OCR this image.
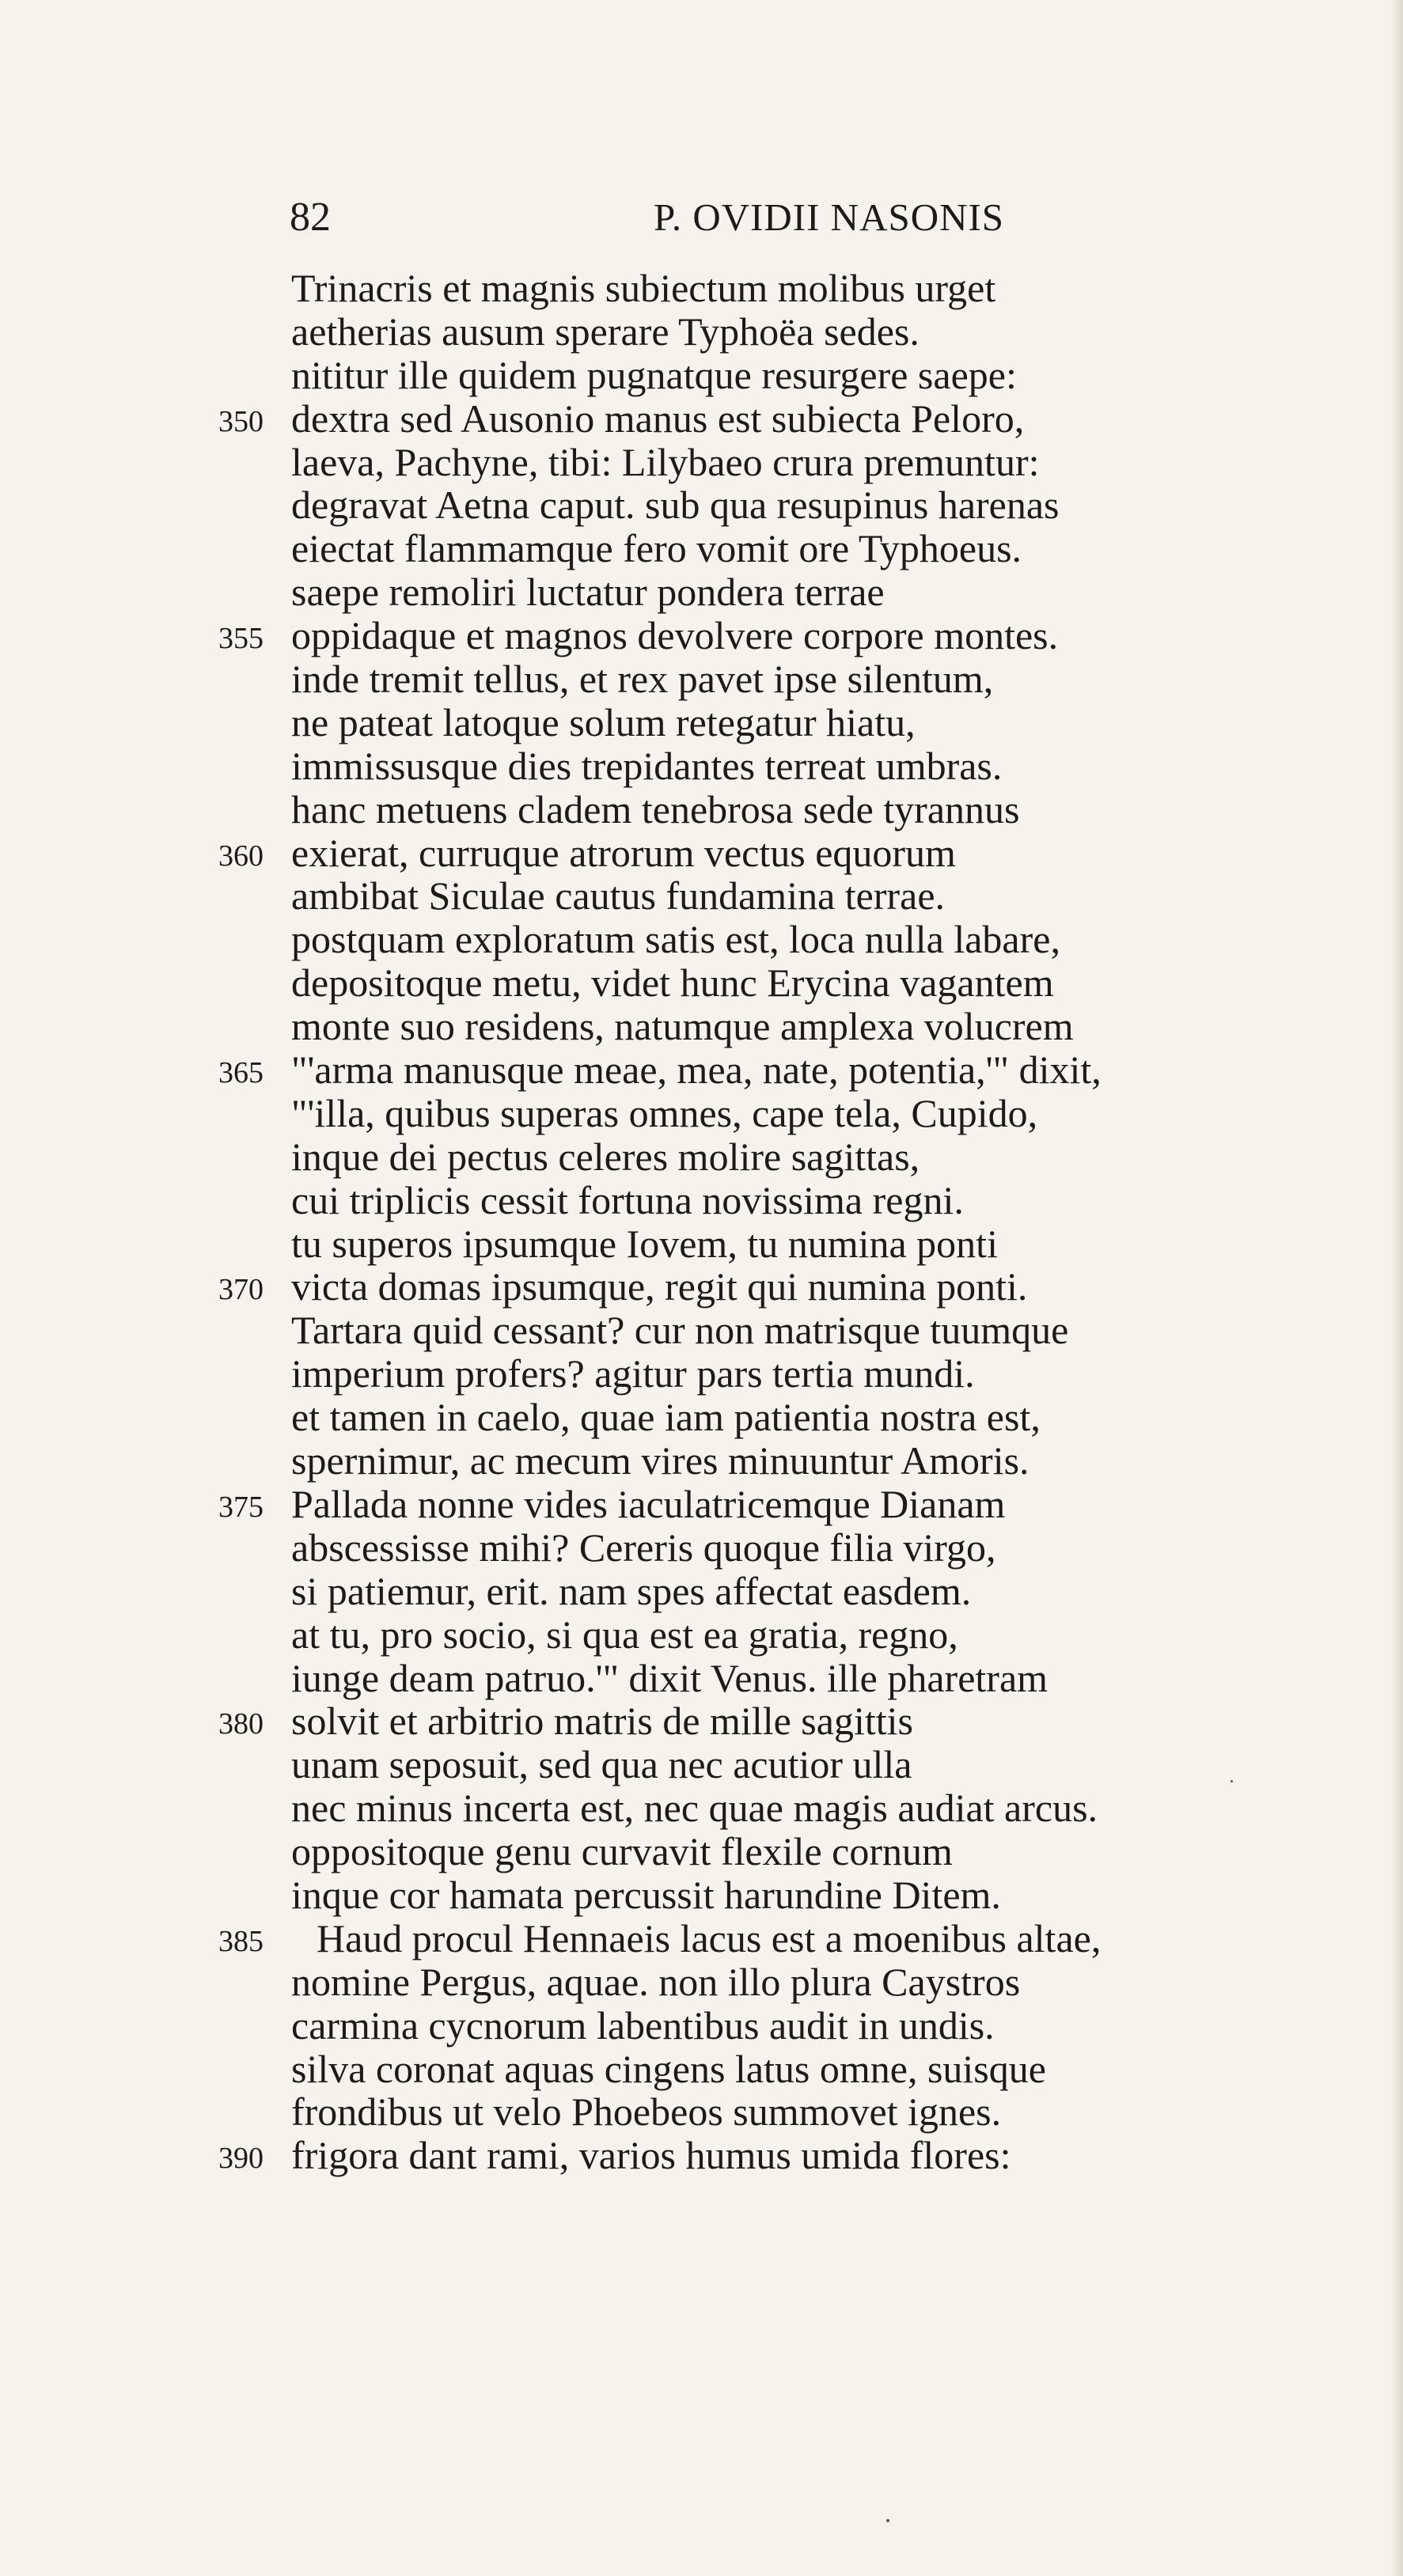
82	P. OVIDII NASONIS
Trinacris et magnis subiectum molibus urget
aetherias ausum sperare Typhoëa sedes.
nititur ille quidem pugnatque resurgere saepe:
350 dextra sed Ausonio manus est subiecta Peloro,
laeva, Pachyne, tibi: Lilybaeo crura premuntur:
degravat Aetna caput. sub qua resupinus harenas
eiectat flammamque fero vomit ore Typhoeus.
saepe remoliri luctatur pondera terrae
355 oppidaque et magnos devolvere corpore montes.
inde tremit tellus, et rex pavet ipse silentum,
ne pateat latoque solum retegatur hiatu,
immissusque dies trepidantes terreat umbras.
hanc metuens cladem tenebrosa sede tyrannus
360 exierat, curruque atrorum vectus equorum
ambibat Siculae cautus fundamina terrae.
postquam exploratum satis est, loca nulla labare,
depositoque metu, videt hunc Erycina vagantem
monte suo residens, natumque amplexa volucrem
365 "'arma manusque meae, mea, nate, potentia,'" dixit,
"'illa, quibus superas omnes, cape tela, Cupido,
inque dei pectus celeres molire sagittas,
cui triplicis cessit fortuna novissima regni.
tu superos ipsumque Iovem, tu numina ponti
370 victa domas ipsumque, regit qui numina ponti.
Tartara quid cessant? cur non matrisque tuumque
imperium profers? agitur pars tertia mundi.
et tamen in caelo, quae iam patientia nostra est,
spernimur, ac mecum vires minuuntur Amoris.
375 Pallada nonne vides iaculatricemque Dianam
abscessisse mihi? Cereris quoque filia virgo,
si patiemur, erit. nam spes affectat easdem.
at tu, pro socio, si qua est ea gratia, regno,
iunge deam patruo.'" dixit Venus. ille pharetram
380 solvit et arbitrio matris de mille sagittis
unam seposuit, sed qua nec acutior ulla
nec minus incerta est, nec quae magis audiat arcus.
oppositoque genu curvavit flexile cornum
inque cor hamata percussit harundine Ditem.
385 Haud procul Hennaeis lacus est a moenibus altae,
nomine Pergus, aquae. non illo plura Caystros
carmina cycnorum labentibus audit in undis.
silva coronat aquas cingens latus omne, suisque
frondibus ut velo Phoebeos summovet ignes.
390 frigora dant rami, varios humus umida flores:
